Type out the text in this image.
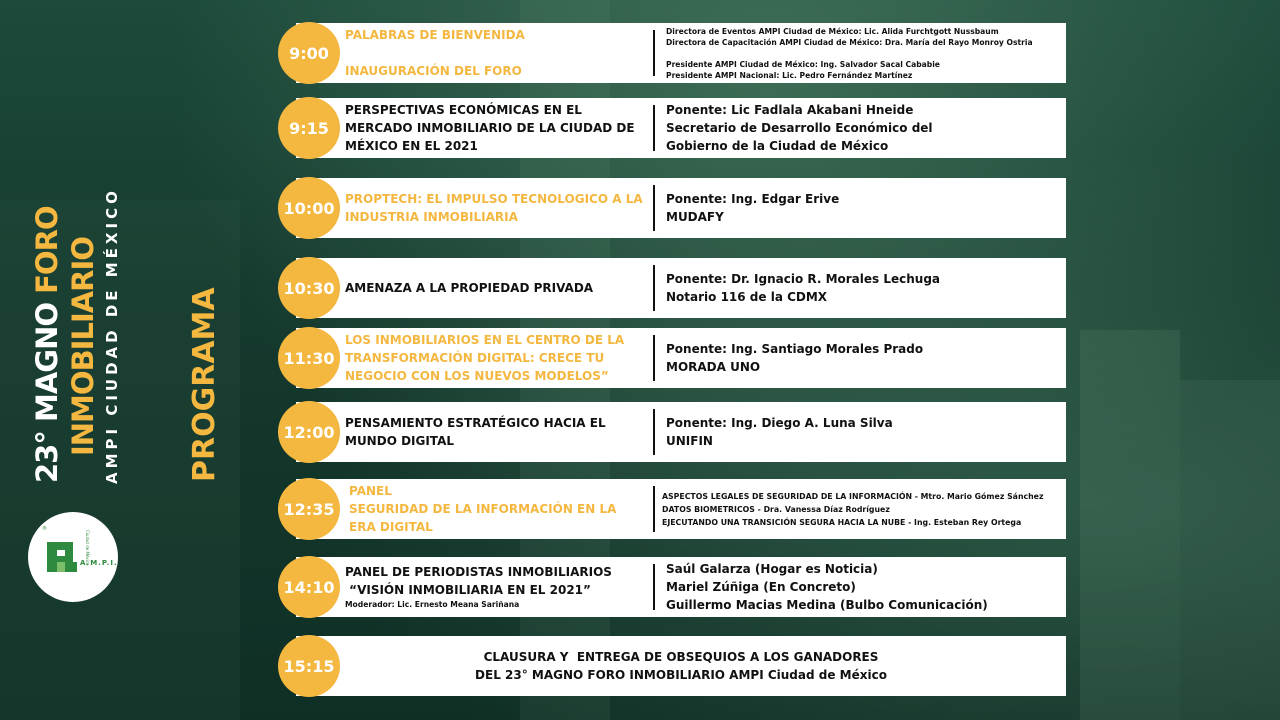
23° MAGNO FORO INMOBILIARIO AMPI CIUDAD DE MÉXICO PROGRAMA
®
A.M.P.I.
Ciudad de México
PALABRAS DE BIENVENIDA
INAUGURACIÓN DEL FORO
Directora de Eventos AMPI Ciudad de México: Lic. Alida Furchtgott Nussbaum
Directora de Capacitación AMPI Ciudad de México: Dra. María del Rayo Monroy Ostria
Presidente AMPI Ciudad de México: Ing. Salvador Sacal Cababie
Presidente AMPI Nacional: Lic. Pedro Fernández Martínez
9:00
PERSPECTIVAS ECONÓMICAS EN EL
MERCADO INMOBILIARIO DE LA CIUDAD DE
MÉXICO EN EL 2021
Ponente: Lic Fadlala Akabani Hneide
Secretario de Desarrollo Económico del
Gobierno de la Ciudad de México
9:15
PROPTECH: EL IMPULSO TECNOLOGICO A LA
INDUSTRIA INMOBILIARIA
Ponente: Ing. Edgar Erive
MUDAFY
10:00
AMENAZA A LA PROPIEDAD PRIVADA
Ponente: Dr. Ignacio R. Morales Lechuga
Notario 116 de la CDMX
10:30
LOS INMOBILIARIOS EN EL CENTRO DE LA
TRANSFORMACIÓN DIGITAL: CRECE TU
NEGOCIO CON LOS NUEVOS MODELOS”
Ponente: Ing. Santiago Morales Prado
MORADA UNO
11:30
PENSAMIENTO ESTRATÉGICO HACIA EL
MUNDO DIGITAL
Ponente: Ing. Diego A. Luna Silva
UNIFIN
12:00
PANEL
SEGURIDAD DE LA INFORMACIÓN EN LA
ERA DIGITAL
ASPECTOS LEGALES DE SEGURIDAD DE LA INFORMACIÓN - Mtro. Mario Gómez Sánchez
DATOS BIOMETRICOS - Dra. Vanessa Díaz Rodríguez
EJECUTANDO UNA TRANSICIÓN SEGURA HACIA LA NUBE - Ing. Esteban Rey Ortega
12:35
PANEL DE PERIODISTAS INMOBILIARIOS
“VISIÓN INMOBILIARIA EN EL 2021”
Moderador: Lic. Ernesto Meana Sariñana
Saúl Galarza (Hogar es Noticia)
Mariel Zúñiga (En Concreto)
Guillermo Macias Medina (Bulbo Comunicación)
14:10
CLAUSURA Y  ENTREGA DE OBSEQUIOS A LOS GANADORES
DEL 23° MAGNO FORO INMOBILIARIO AMPI Ciudad de México
15:15
